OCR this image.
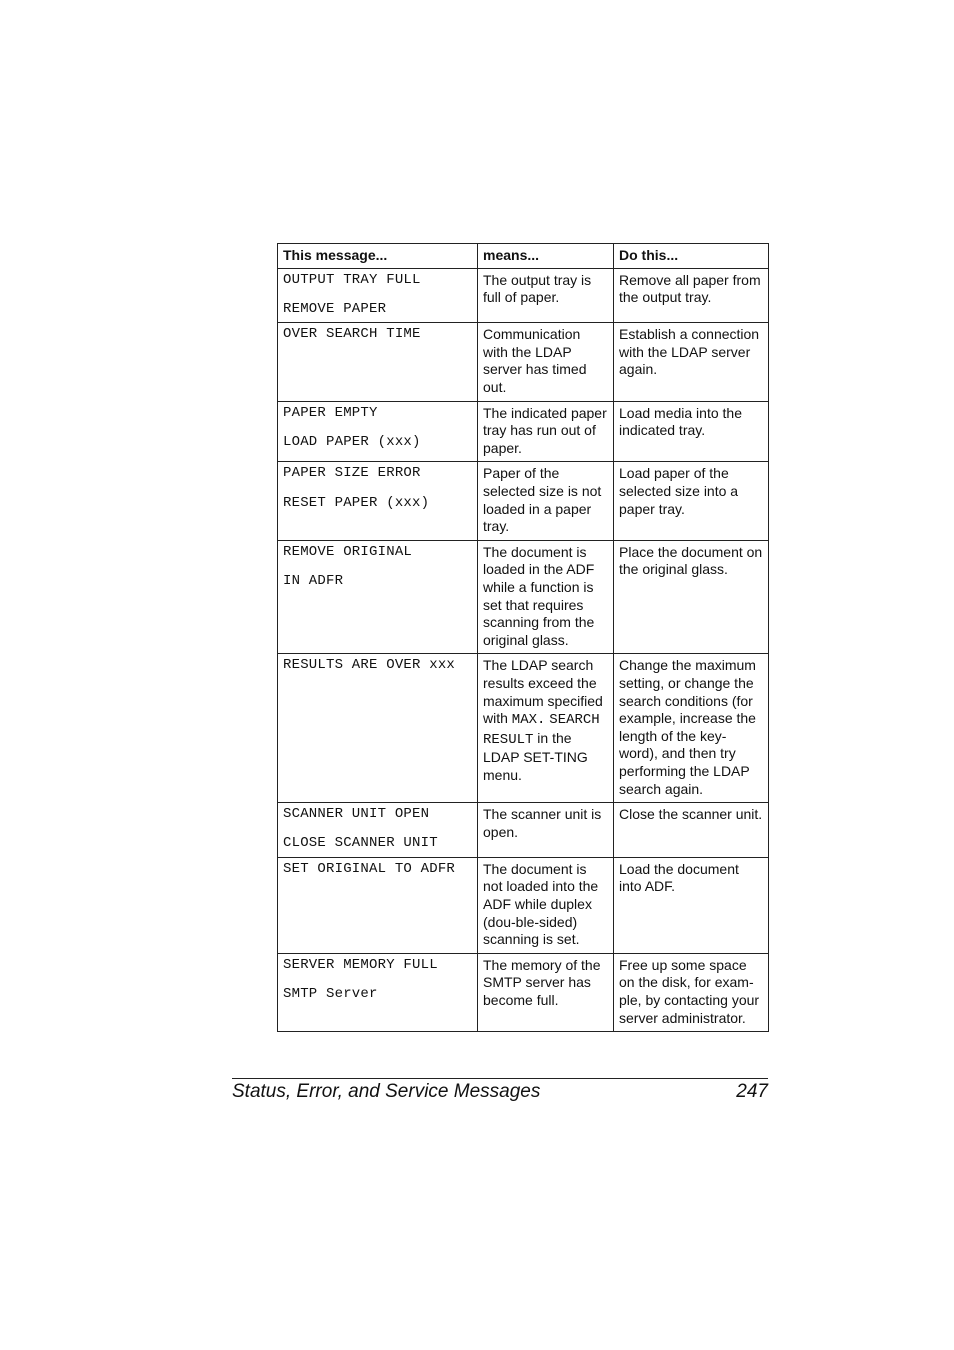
This message...	means...	Do this...

OUTPUT TRAY FULL
REMOVE PAPER	The output tray is full of paper.	Remove all paper from the output tray.

OVER SEARCH TIME	Communication with the LDAP server has timed out.	Establish a connection with the LDAP server again.

PAPER EMPTY
LOAD PAPER (xxx)	The indicated paper tray has run out of paper.	Load media into the indicated tray.

PAPER SIZE ERROR
RESET PAPER (xxx)	Paper of the selected size is not loaded in a paper tray.	Load paper of the selected size into a paper tray.

REMOVE ORIGINAL
IN ADFR	The document is loaded in the ADF while a function is set that requires scanning from the original glass.	Place the document on the original glass.

RESULTS ARE OVER xxx	The LDAP search results exceed the maximum specified with MAX. SEARCH RESULT in the LDAP SET-TING menu.	Change the maximum setting, or change the search conditions (for example, increase the length of the key-word), and then try performing the LDAP search again.

SCANNER UNIT OPEN
CLOSE SCANNER UNIT	The scanner unit is open.	Close the scanner unit.

SET ORIGINAL TO ADFR	The document is not loaded into the ADF while duplex (dou-ble-sided) scanning is set.	Load the document into ADF.

SERVER MEMORY FULL
SMTP Server	The memory of the SMTP server has become full.	Free up some space on the disk, for exam-ple, by contacting your server administrator.
Status, Error, and Service Messages	247
